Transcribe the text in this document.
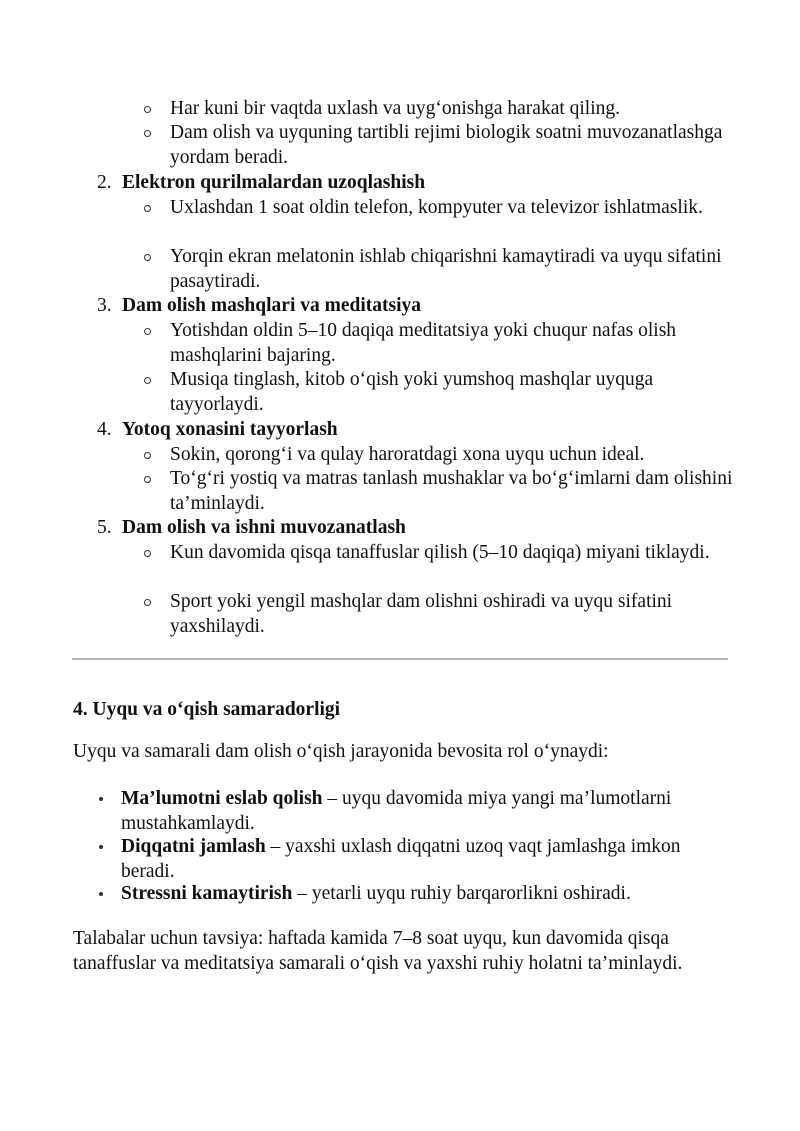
Har kuni bir vaqtda uxlash va uyg‘onishga harakat qiling.
Dam olish va uyquning tartibli rejimi biologik soatni muvozanatlashga yordam beradi.
2. Elektron qurilmalardan uzoqlashish
Uxlashdan 1 soat oldin telefon, kompyuter va televizor ishlatmaslik.
Yorqin ekran melatonin ishlab chiqarishni kamaytiradi va uyqu sifatini pasaytiradi.
3. Dam olish mashqlari va meditatsiya
Yotishdan oldin 5–10 daqiqa meditatsiya yoki chuqur nafas olish mashqlarini bajaring.
Musiqa tinglash, kitob o‘qish yoki yumshoq mashqlar uyquga tayyorlaydi.
4. Yotoq xonasini tayyorlash
Sokin, qorong‘i va qulay haroratdagi xona uyqu uchun ideal.
To‘g‘ri yostiq va matras tanlash mushaklar va bo‘g‘imlarni dam olishini ta’minlaydi.
5. Dam olish va ishni muvozanatlash
Kun davomida qisqa tanaffuslar qilish (5–10 daqiqa) miyani tiklaydi.
Sport yoki yengil mashqlar dam olishni oshiradi va uyqu sifatini yaxshilaydi.
4. Uyqu va o‘qish samaradorligi
Uyqu va samarali dam olish o‘qish jarayonida bevosita rol o‘ynaydi:
Ma’lumotni eslab qolish – uyqu davomida miya yangi ma’lumotlarni mustahkamlaydi.
Diqqatni jamlash – yaxshi uxlash diqqatni uzoq vaqt jamlashga imkon beradi.
Stressni kamaytirish – yetarli uyqu ruhiy barqarorlikni oshiradi.
Talabalar uchun tavsiya: haftada kamida 7–8 soat uyqu, kun davomida qisqa tanaffuslar va meditatsiya samarali o‘qish va yaxshi ruhiy holatni ta’minlaydi.
